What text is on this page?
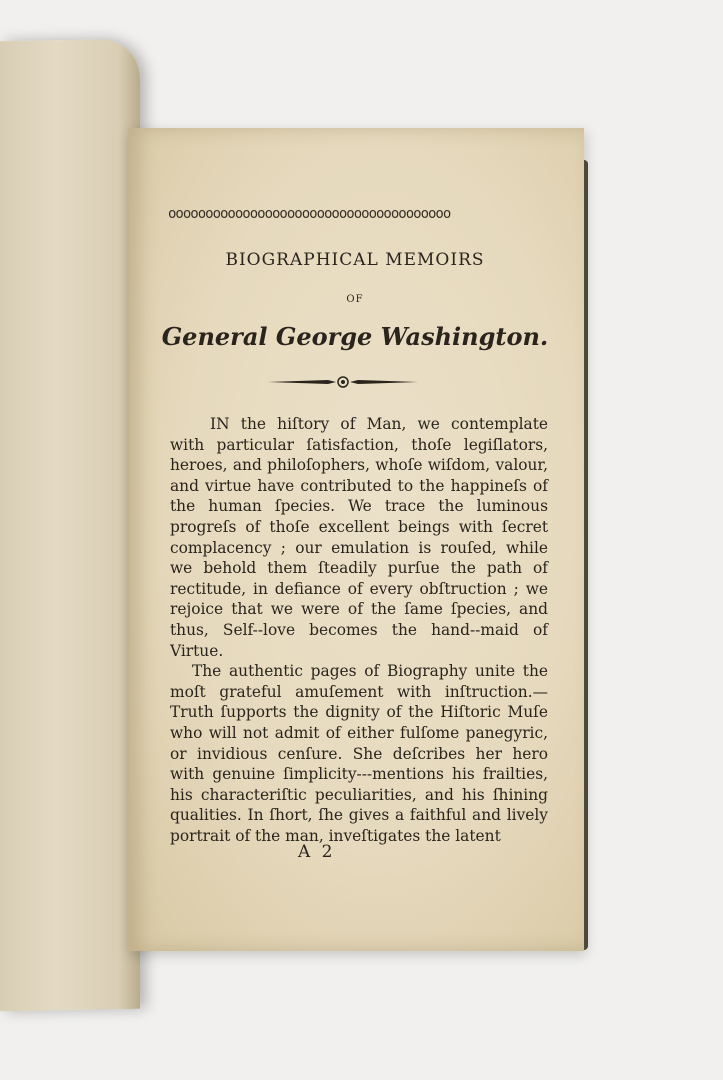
oooooooooooooooooooooooooooooooooooooo
BIOGRAPHICAL MEMOIRS
OF
General George Washington.

IN the hiſtory of Man, we contemplate with particular ſatisfaction, thoſe legiſlators, heroes, and philoſophers, whoſe wiſdom, valour, and virtue have contributed to the happineſs of the human ſpecies. We trace the luminous progreſs of thoſe excellent beings with ſecret complacency ; our emulation is rouſed, while we behold them ſteadily purſue the path of rectitude, in defiance of every obſtruction ; we rejoice that we were of the ſame ſpecies, and thus, Self--love becomes the hand--maid of Virtue.

The authentic pages of Biography unite the moſt grateful amuſement with inſtruction.— Truth ſupports the dignity of the Hiſtoric Muſe who will not admit of either fulſome panegyric, or invidious cenſure. She deſcribes her hero with genuine ſimplicity---mentions his frailties, his characteriſtic peculiarities, and his ſhining qualities. In ſhort, ſhe gives a faithful and lively portrait of the man, inveſtigates the latent

A 2
